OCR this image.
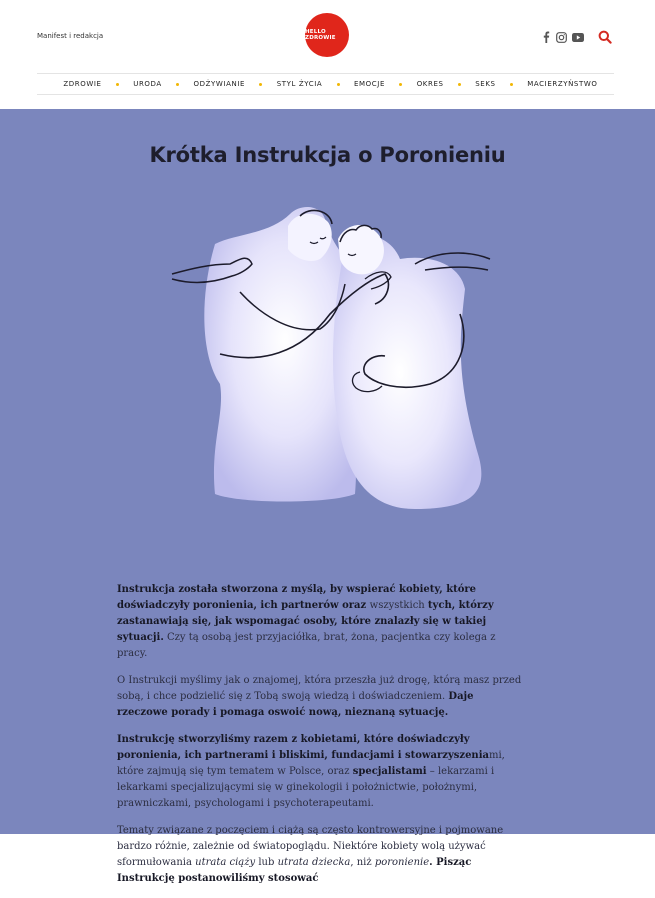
Manifest i redakcja	HELLO ZDROWIE
ZDROWIE	URODA	ODŻYWIANIE	STYL ŻYCIA	EMOCJE	OKRES	SEKS	MACIERZYŃSTWO
Krótka Instrukcja o Poronieniu

Instrukcja została stworzona z myślą, by wspierać kobiety, które doświadczyły poronienia, ich partnerów oraz wszystkich tych, którzy zastanawiają się, jak wspomagać osoby, które znalazły się w takiej sytuacji. Czy tą osobą jest przyjaciółka, brat, żona, pacjentka czy kolega z pracy.

O Instrukcji myślimy jak o znajomej, która przeszła już drogę, którą masz przed sobą, i chce podzielić się z Tobą swoją wiedzą i doświadczeniem. Daje rzeczowe porady i pomaga oswoić nową, nieznaną sytuację.

Instrukcję stworzyliśmy razem z kobietami, które doświadczyły poronienia, ich partnerami i bliskimi, fundacjami i stowarzyszeniami, które zajmują się tym tematem w Polsce, oraz specjalistami – lekarzami i lekarkami specjalizującymi się w ginekologii i położnictwie, położnymi, prawniczkami, psychologami i psychoterapeutami.

Tematy związane z poczęciem i ciążą są często kontrowersyjne i pojmowane bardzo różnie, zależnie od światopoglądu. Niektóre kobiety wolą używać sformułowania utrata ciąży lub utrata dziecka, niż poronienie. Pisząc Instrukcję postanowiliśmy stosować
